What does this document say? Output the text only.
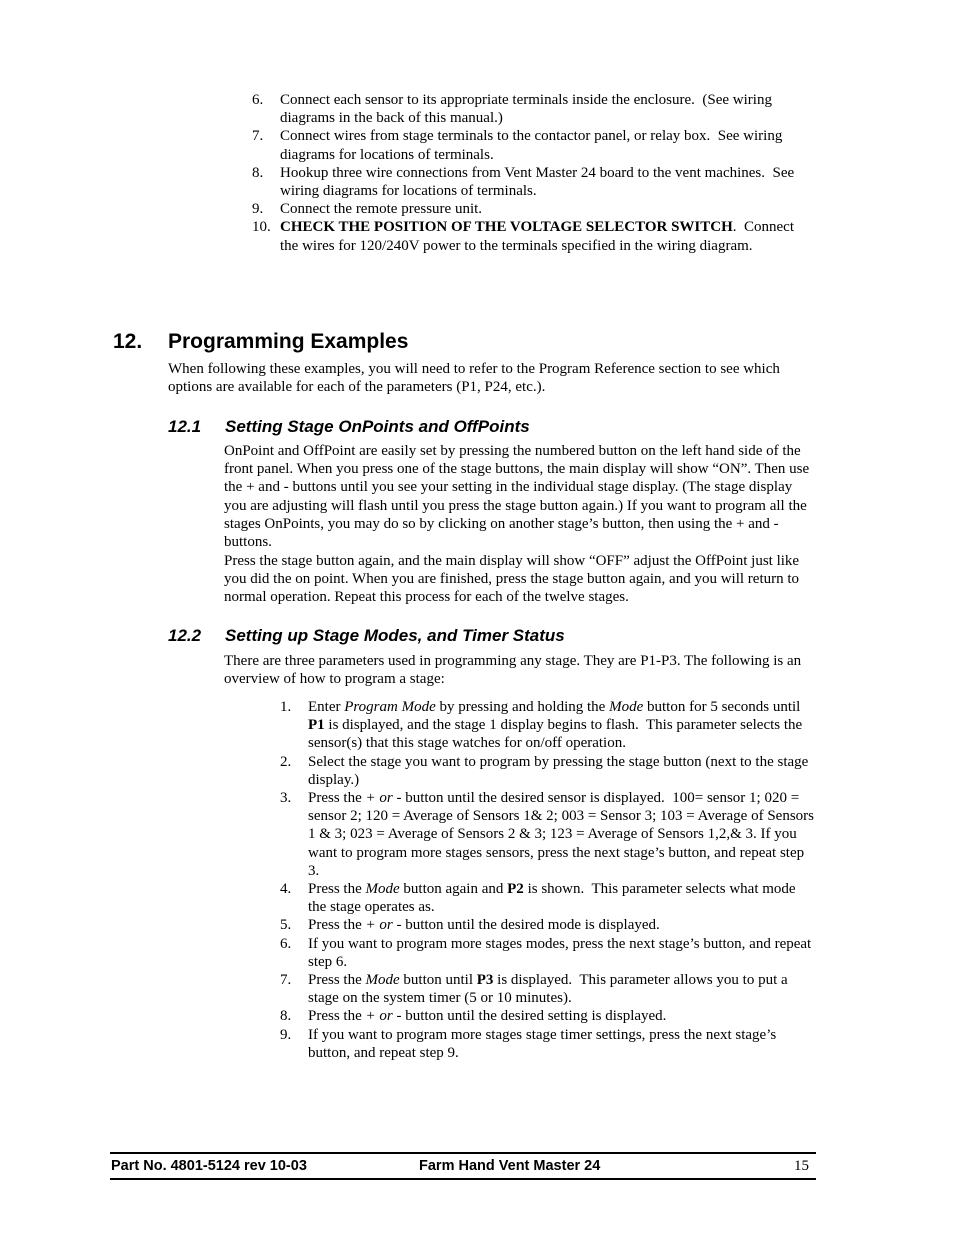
6. Connect each sensor to its appropriate terminals inside the enclosure.  (See wiring diagrams in the back of this manual.)
7. Connect wires from stage terminals to the contactor panel, or relay box.  See wiring diagrams for locations of terminals.
8. Hookup three wire connections from Vent Master 24 board to the vent machines.  See wiring diagrams for locations of terminals.
9. Connect the remote pressure unit.
10. CHECK THE POSITION OF THE VOLTAGE SELECTOR SWITCH.  Connect the wires for 120/240V power to the terminals specified in the wiring diagram.
12. Programming Examples

When following these examples, you will need to refer to the Program Reference section to see which options are available for each of the parameters (P1, P24, etc.).

12.1 Setting Stage OnPoints and OffPoints

OnPoint and OffPoint are easily set by pressing the numbered button on the left hand side of the front panel. When you press one of the stage buttons, the main display will show “ON”. Then use the + and - buttons until you see your setting in the individual stage display. (The stage display you are adjusting will flash until you press the stage button again.) If you want to program all the stages OnPoints, you may do so by clicking on another stage’s button, then using the + and - buttons.

Press the stage button again, and the main display will show “OFF” adjust the OffPoint just like you did the on point. When you are finished, press the stage button again, and you will return to normal operation. Repeat this process for each of the twelve stages.

12.2 Setting up Stage Modes, and Timer Status

There are three parameters used in programming any stage. They are P1-P3. The following is an overview of how to program a stage:

1. Enter Program Mode by pressing and holding the Mode button for 5 seconds until P1 is displayed, and the stage 1 display begins to flash.  This parameter selects the sensor(s) that this stage watches for on/off operation.
2. Select the stage you want to program by pressing the stage button (next to the stage display.)
3. Press the + or - button until the desired sensor is displayed.  100= sensor 1; 020 = sensor 2; 120 = Average of Sensors 1& 2; 003 = Sensor 3; 103 = Average of Sensors 1 & 3; 023 = Average of Sensors 2 & 3; 123 = Average of Sensors 1,2,& 3. If you want to program more stages sensors, press the next stage’s button, and repeat step 3.
4. Press the Mode button again and P2 is shown.  This parameter selects what mode the stage operates as.
5. Press the + or - button until the desired mode is displayed.
6. If you want to program more stages modes, press the next stage’s button, and repeat step 6.
7. Press the Mode button until P3 is displayed.  This parameter allows you to put a stage on the system timer (5 or 10 minutes).
8. Press the + or - button until the desired setting is displayed.
9. If you want to program more stages stage timer settings, press the next stage’s button, and repeat step 9.
Part No. 4801-5124 rev 10-03	Farm Hand Vent Master 24	15
